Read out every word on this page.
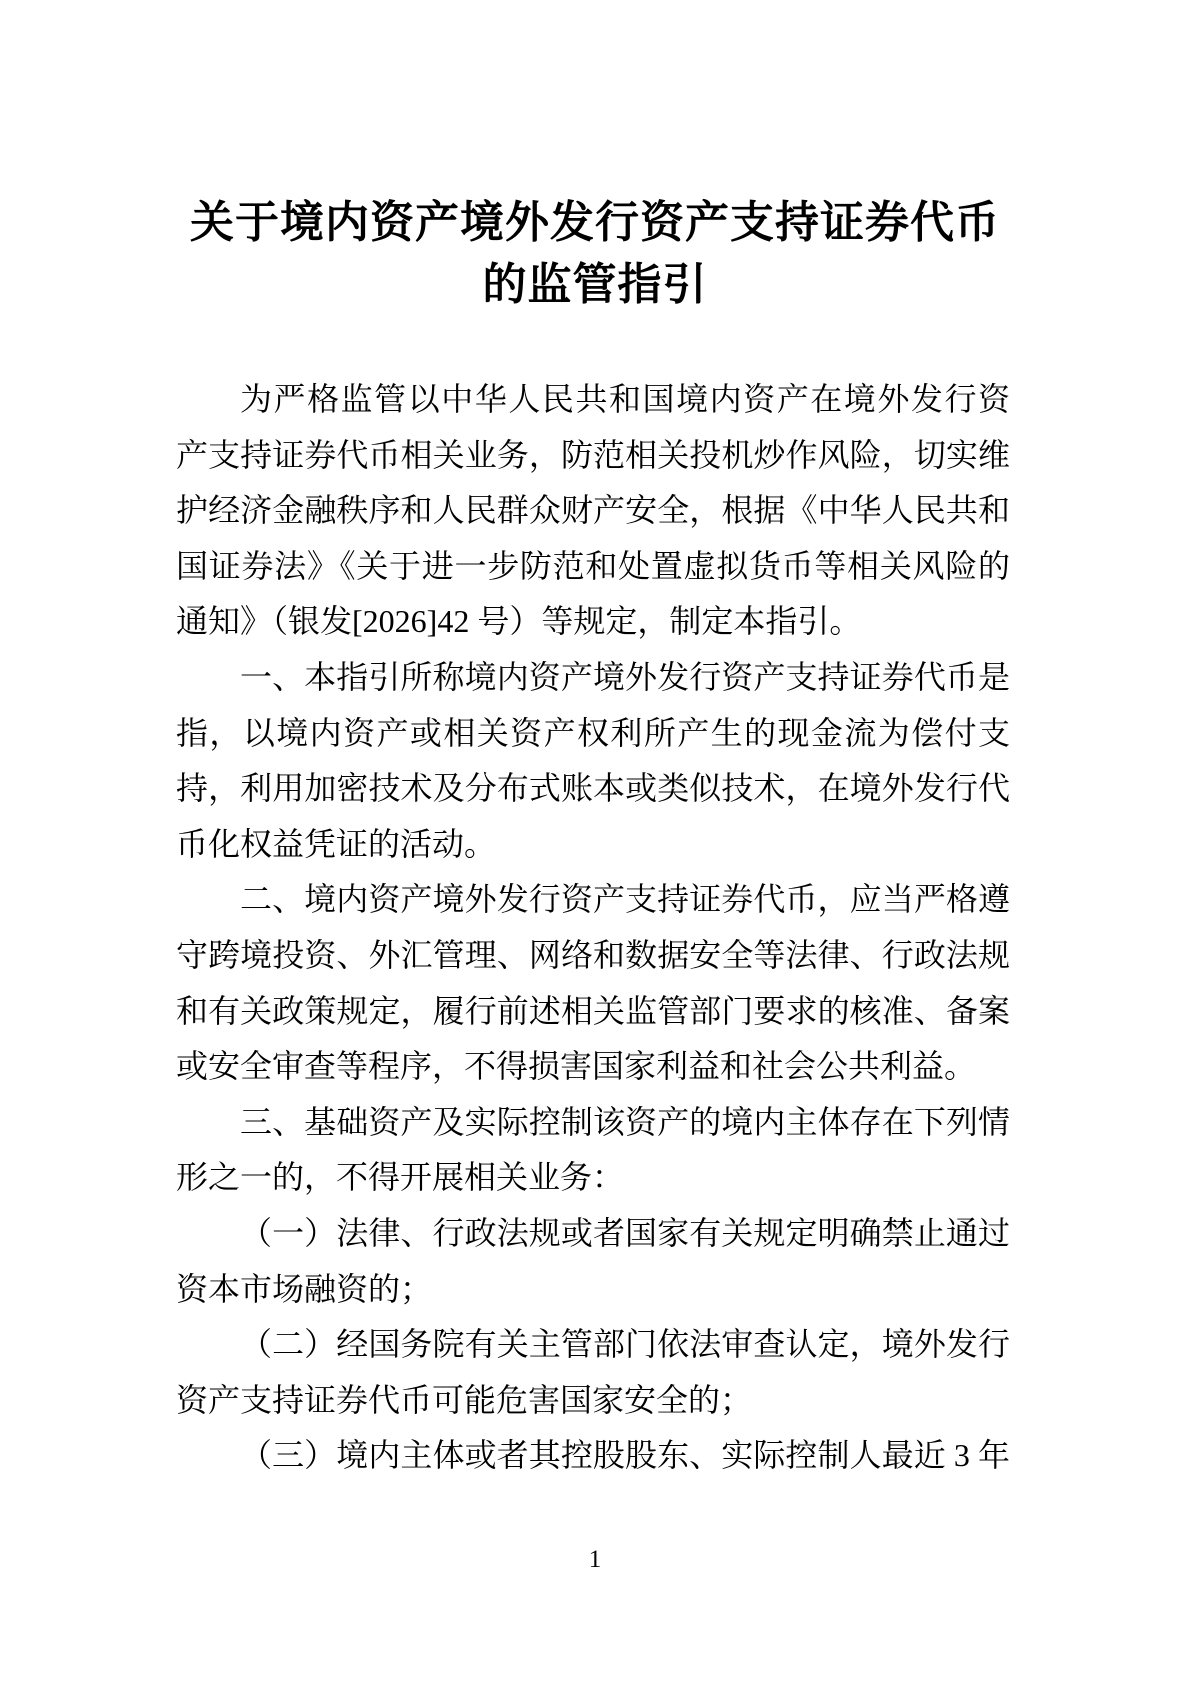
关于境内资产境外发行资产支持证券代币
的监管指引
为严格监管以中华人民共和国境内资产在境外发行资
产支持证券代币相关业务，防范相关投机炒作风险，切实维
护经济金融秩序和人民群众财产安全，根据《中华人民共和
国证券法》《关于进一步防范和处置虚拟货币等相关风险的
通知》（银发[2026]42 号）等规定，制定本指引。
一、本指引所称境内资产境外发行资产支持证券代币是
指，以境内资产或相关资产权利所产生的现金流为偿付支
持，利用加密技术及分布式账本或类似技术，在境外发行代
币化权益凭证的活动。
二、境内资产境外发行资产支持证券代币，应当严格遵
守跨境投资、外汇管理、网络和数据安全等法律、行政法规
和有关政策规定，履行前述相关监管部门要求的核准、备案
或安全审查等程序，不得损害国家利益和社会公共利益。
三、基础资产及实际控制该资产的境内主体存在下列情
形之一的，不得开展相关业务：
（一）法律、行政法规或者国家有关规定明确禁止通过
资本市场融资的；
（二）经国务院有关主管部门依法审查认定，境外发行
资产支持证券代币可能危害国家安全的；
（三）境内主体或者其控股股东、实际控制人最近 3 年
1
